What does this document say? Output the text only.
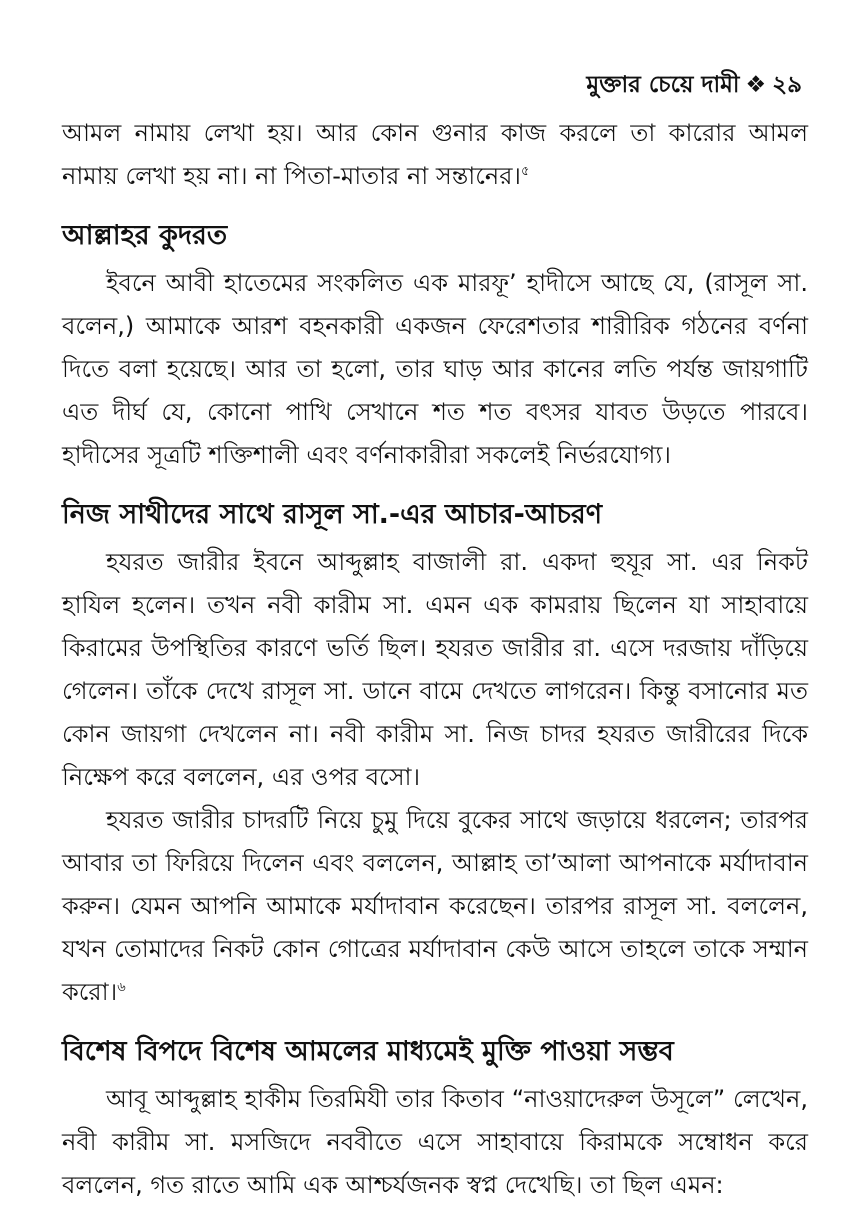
মুক্তার চেয়ে দামী ❖ ২৯

আমল নামায় লেখা হয়। আর কোন গুনার কাজ করলে তা কারোর আমল নামায় লেখা হয় না। না পিতা-মাতার না সন্তানের।$^৫$

আল্লাহর কুদরত

ইবনে আবী হাতেমের সংকলিত এক মারফূ’ হাদীসে আছে যে, (রাসূল সা. বলেন,) আমাকে আরশ বহনকারী একজন ফেরেশতার শারীরিক গঠনের বর্ণনা দিতে বলা হয়েছে। আর তা হলো, তার ঘাড় আর কানের লতি পর্যন্ত জায়গাটি এত দীর্ঘ যে, কোনো পাখি সেখানে শত শত বৎসর যাবত উড়তে পারবে। হাদীসের সূত্রটি শক্তিশালী এবং বর্ণনাকারীরা সকলেই নির্ভরযোগ্য।

নিজ সাথীদের সাথে রাসূল সা.-এর আচার-আচরণ

হযরত জারীর ইবনে আব্দুল্লাহ বাজালী রা. একদা হুযূর সা. এর নিকট হাযিল হলেন। তখন নবী কারীম সা. এমন এক কামরায় ছিলেন যা সাহাবায়ে কিরামের উপস্থিতির কারণে ভর্তি ছিল। হযরত জারীর রা. এসে দরজায় দাঁড়িয়ে গেলেন। তাঁকে দেখে রাসূল সা. ডানে বামে দেখতে লাগরেন। কিন্তু বসানোর মত কোন জায়গা দেখলেন না। নবী কারীম সা. নিজ চাদর হযরত জারীরের দিকে নিক্ষেপ করে বললেন, এর ওপর বসো।

হযরত জারীর চাদরটি নিয়ে চুমু দিয়ে বুকের সাথে জড়ায়ে ধরলেন; তারপর আবার তা ফিরিয়ে দিলেন এবং বললেন, আল্লাহ তা’আলা আপনাকে মর্যাদাবান করুন। যেমন আপনি আমাকে মর্যাদাবান করেছেন। তারপর রাসূল সা. বললেন, যখন তোমাদের নিকট কোন গোত্রের মর্যাদাবান কেউ আসে তাহলে তাকে সম্মান করো।$^৬$

বিশেষ বিপদে বিশেষ আমলের মাধ্যমেই মুক্তি পাওয়া সম্ভব

আবূ আব্দুল্লাহ হাকীম তিরমিযী তার কিতাব “নাওয়াদেরুল উসূলে” লেখেন, নবী কারীম সা. মসজিদে নববীতে এসে সাহাবায়ে কিরামকে সম্বোধন করে বললেন, গত রাতে আমি এক আশ্চর্যজনক স্বপ্ন দেখেছি। তা ছিল এমন:
